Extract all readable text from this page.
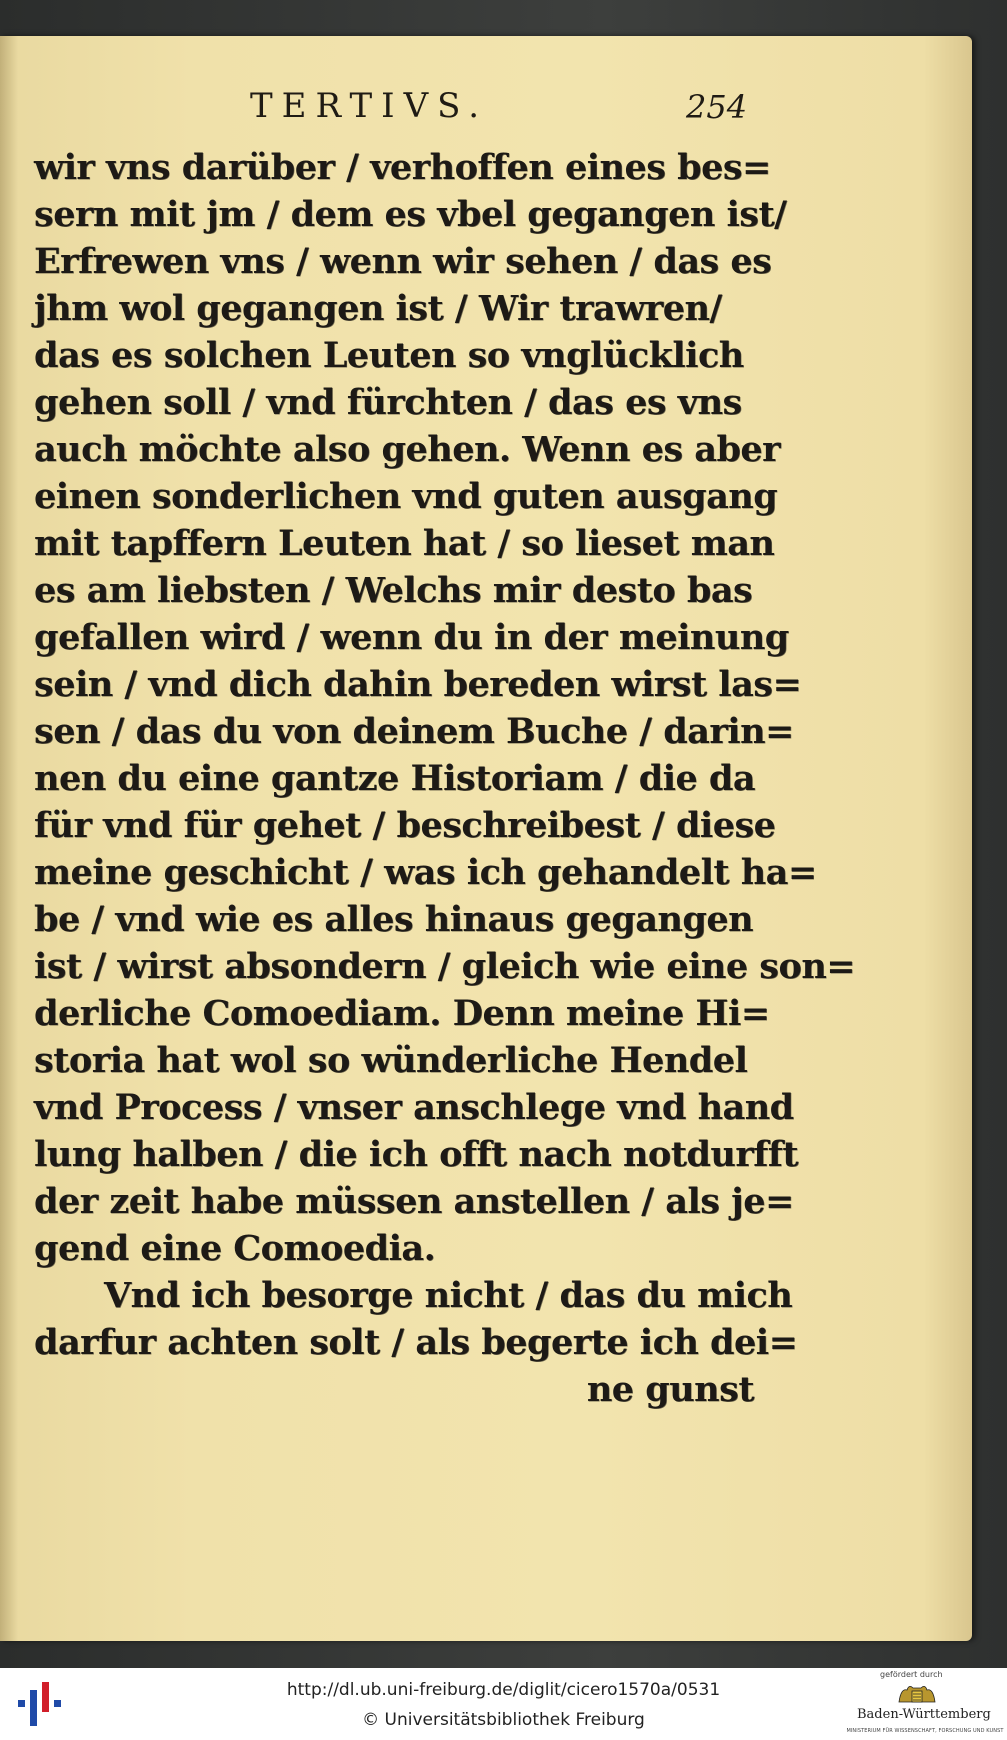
TERTIVS.	254
wir vns darüber / verhoffen eines bes=
sern mit jm / dem es vbel gegangen ist/
Erfrewen vns / wenn wir sehen / das es
jhm wol gegangen ist / Wir trawren/
das es solchen Leuten so vnglücklich
gehen soll / vnd fürchten / das es vns
auch möchte also gehen. Wenn es aber
einen sonderlichen vnd guten ausgang
mit tapffern Leuten hat / so lieset man
es am liebsten / Welchs mir desto bas
gefallen wird / wenn du in der meinung
sein / vnd dich dahin bereden wirst las=
sen / das du von deinem Buche / darin=
nen du eine gantze Historiam / die da
für vnd für gehet / beschreibest / diese
meine geschicht / was ich gehandelt ha=
be / vnd wie es alles hinaus gegangen
ist / wirst absondern / gleich wie eine son=
derliche Comoediam. Denn meine Hi=
storia hat wol so wünderliche Hendel
vnd Process / vnser anschlege vnd hand
lung halben / die ich offt nach notdurfft
der zeit habe müssen anstellen / als je=
gend eine Comoedia.
Vnd ich besorge nicht / das du mich
darfur achten solt / als begerte ich dei=
ne gunst
http://dl.ub.uni-freiburg.de/diglit/cicero1570a/0531
© Universitätsbibliothek Freiburg
gefördert durch
Baden-Württemberg
MINISTERIUM FÜR WISSENSCHAFT, FORSCHUNG UND KUNST
